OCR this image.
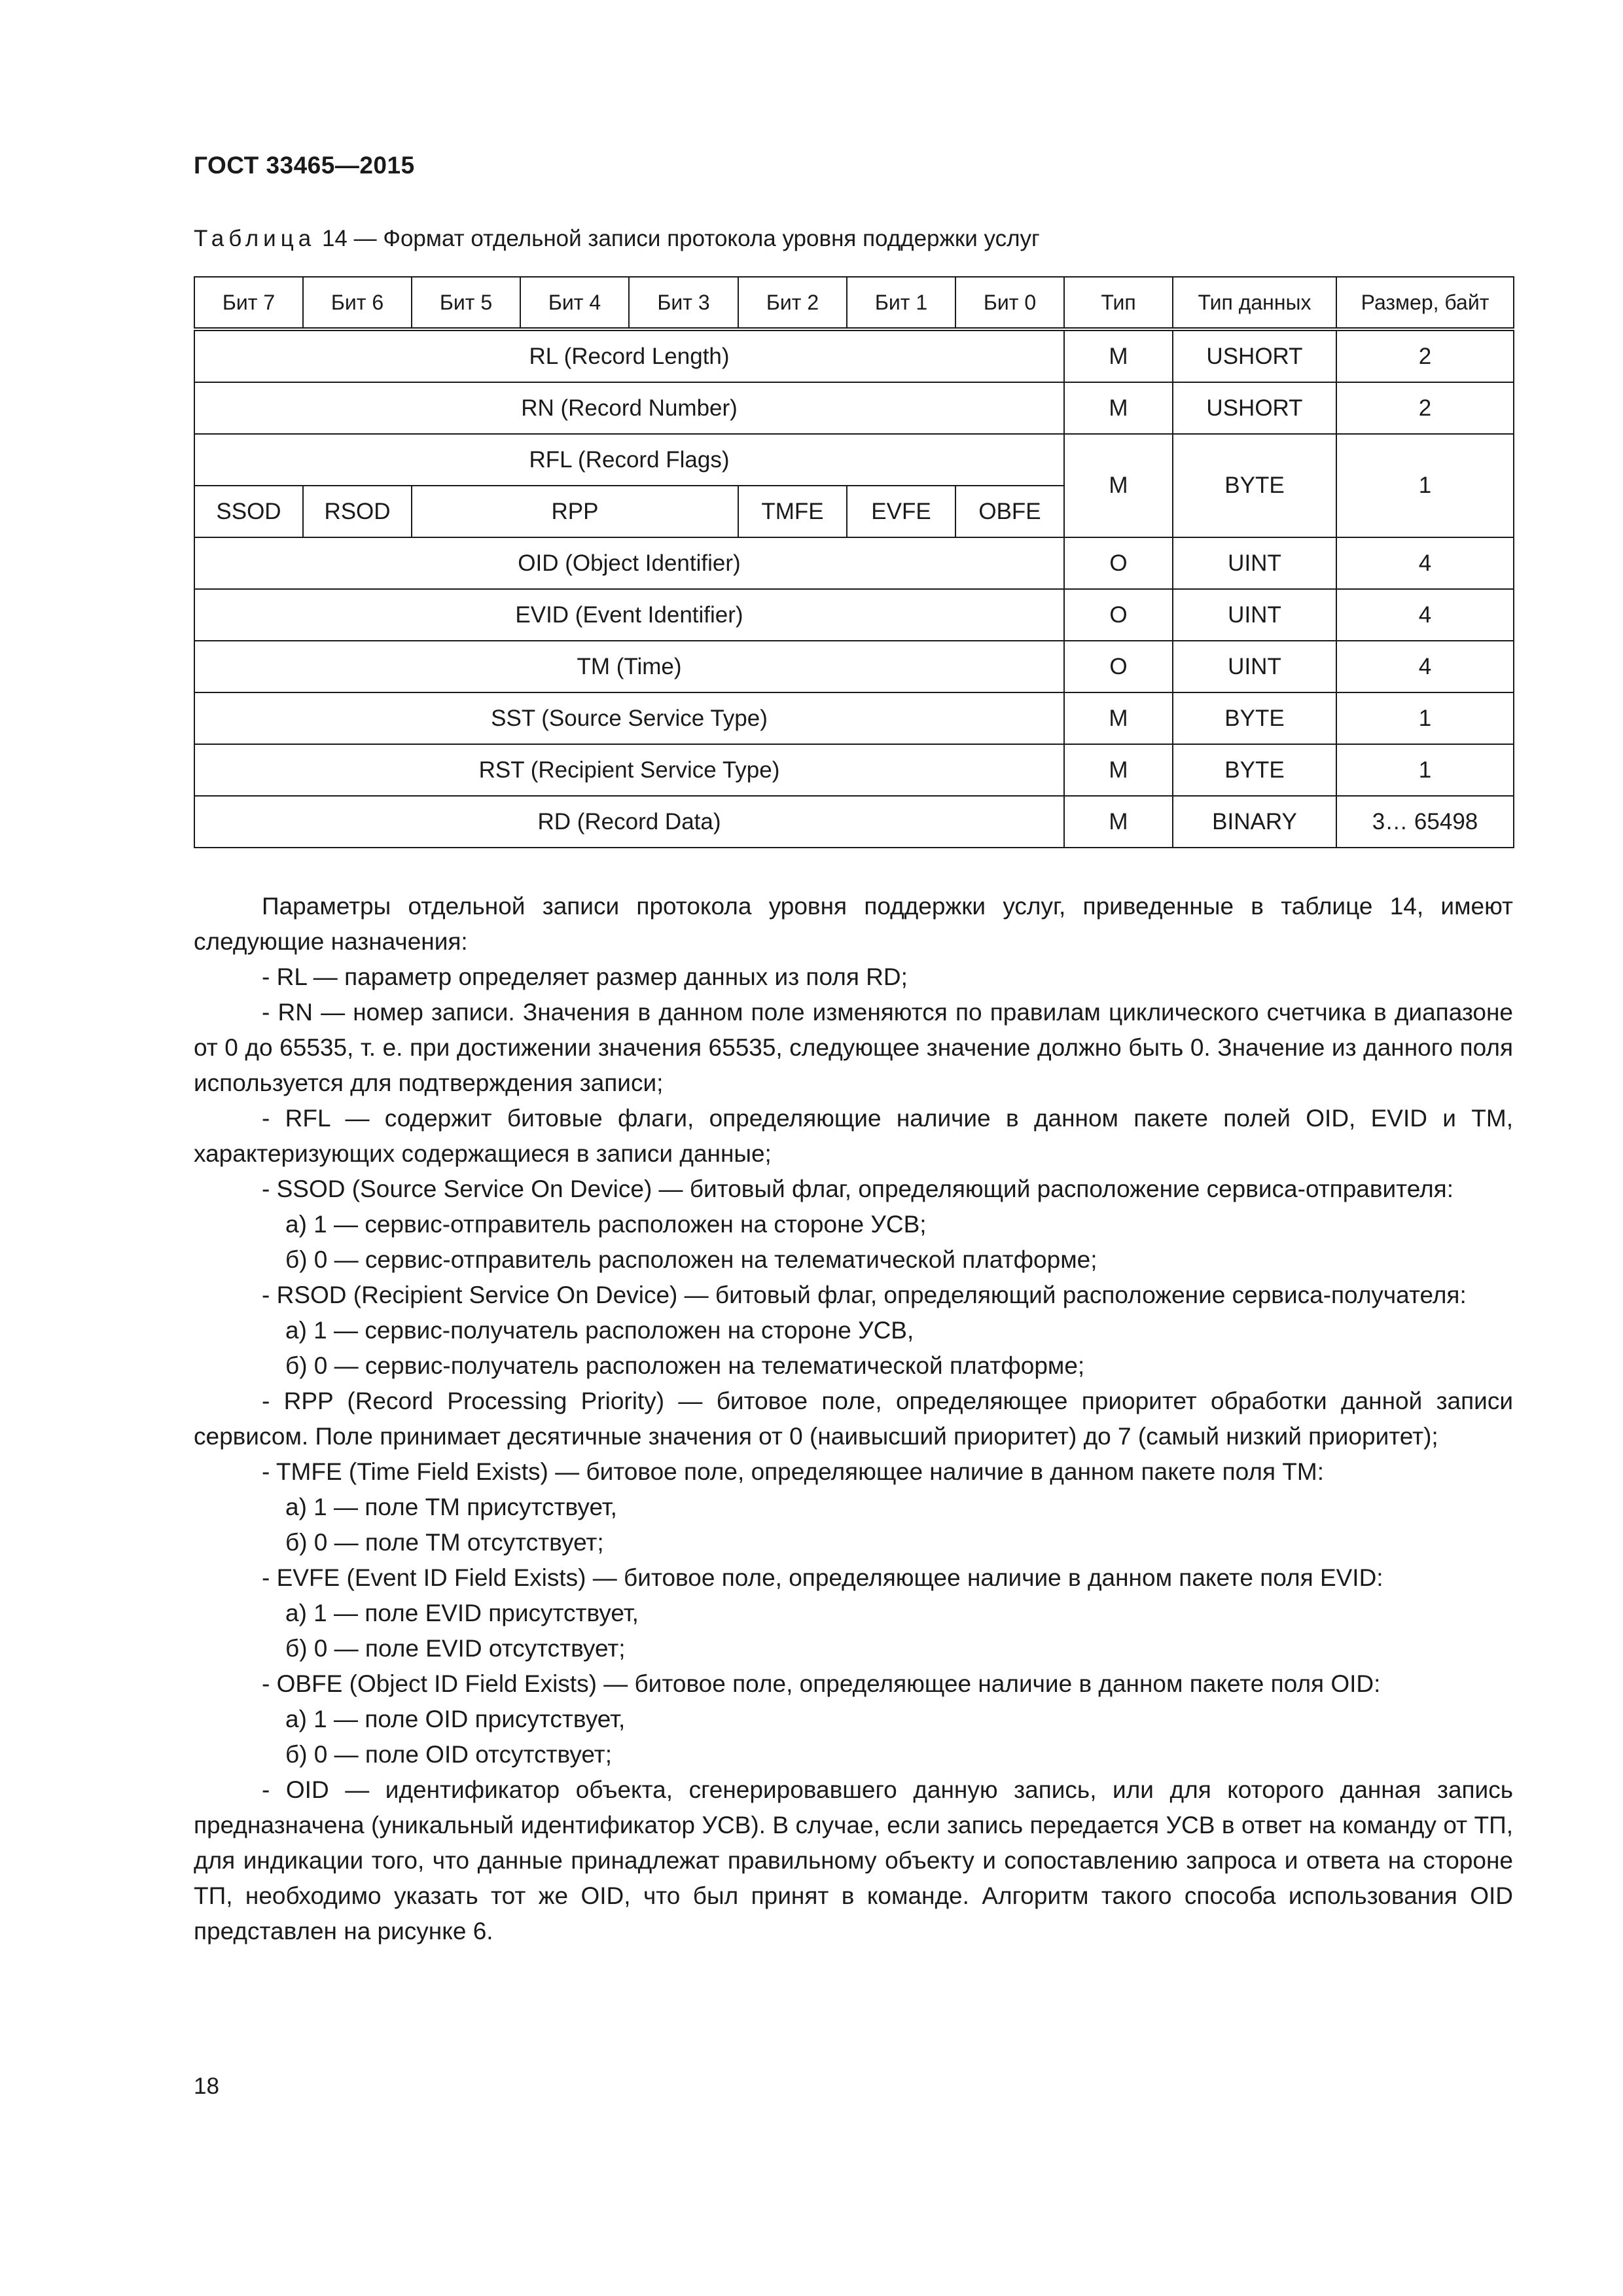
ГОСТ 33465—2015
Таблица 14 — Формат отдельной записи протокола уровня поддержки услуг
Бит 7	Бит 6	Бит 5	Бит 4	Бит 3	Бит 2	Бит 1	Бит 0	Тип	Тип данных	Размер, байт
RL (Record Length)								M	USHORT	2
RN (Record Number)								M	USHORT	2
RFL (Record Flags)								M	BYTE	1
SSOD	RSOD	RPP			TMFE	EVFE	OBFE			
OID (Object Identifier)								O	UINT	4
EVID (Event Identifier)								O	UINT	4
TM (Time)								O	UINT	4
SST (Source Service Type)								M	BYTE	1
RST (Recipient Service Type)								M	BYTE	1
RD (Record Data)								M	BINARY	3… 65498

Параметры отдельной записи протокола уровня поддержки услуг, приведенные в таблице 14, имеют следующие назначения:

- RL — параметр определяет размер данных из поля RD;

- RN — номер записи. Значения в данном поле изменяются по правилам циклического счетчика в диапазоне от 0 до 65535, т. е. при достижении значения 65535, следующее значение должно быть 0. Значение из данного поля используется для подтверждения записи;

- RFL — содержит битовые флаги, определяющие наличие в данном пакете полей OID, EVID и TM, характеризующих содержащиеся в записи данные;

- SSOD (Source Service On Device) — битовый флаг, определяющий расположение сервиса-отправителя:

а) 1 — сервис-отправитель расположен на стороне УСВ;

б) 0 — сервис-отправитель расположен на телематической платформе;

- RSOD (Recipient Service On Device) — битовый флаг, определяющий расположение сервиса-получателя:

а) 1 — сервис-получатель расположен на стороне УСВ,

б) 0 — сервис-получатель расположен на телематической платформе;

- RPP (Record Processing Priority) — битовое поле, определяющее приоритет обработки данной записи сервисом. Поле принимает десятичные значения от 0 (наивысший приоритет) до 7 (самый низкий приоритет);

- TMFE (Time Field Exists) — битовое поле, определяющее наличие в данном пакете поля TM:

а) 1 — поле TM присутствует,

б) 0 — поле TM отсутствует;

- EVFE (Event ID Field Exists) — битовое поле, определяющее наличие в данном пакете поля EVID:

а) 1 — поле EVID присутствует,

б) 0 — поле EVID отсутствует;

- OBFE (Object ID Field Exists) — битовое поле, определяющее наличие в данном пакете поля OID:

а) 1 — поле OID присутствует,

б) 0 — поле OID отсутствует;

- OID — идентификатор объекта, сгенерировавшего данную запись, или для которого данная запись предназначена (уникальный идентификатор УСВ). В случае, если запись передается УСВ в ответ на команду от ТП, для индикации того, что данные принадлежат правильному объекту и сопоставлению запроса и ответа на стороне ТП, необходимо указать тот же OID, что был принят в команде. Алгоритм такого способа использования OID представлен на рисунке 6.

18
